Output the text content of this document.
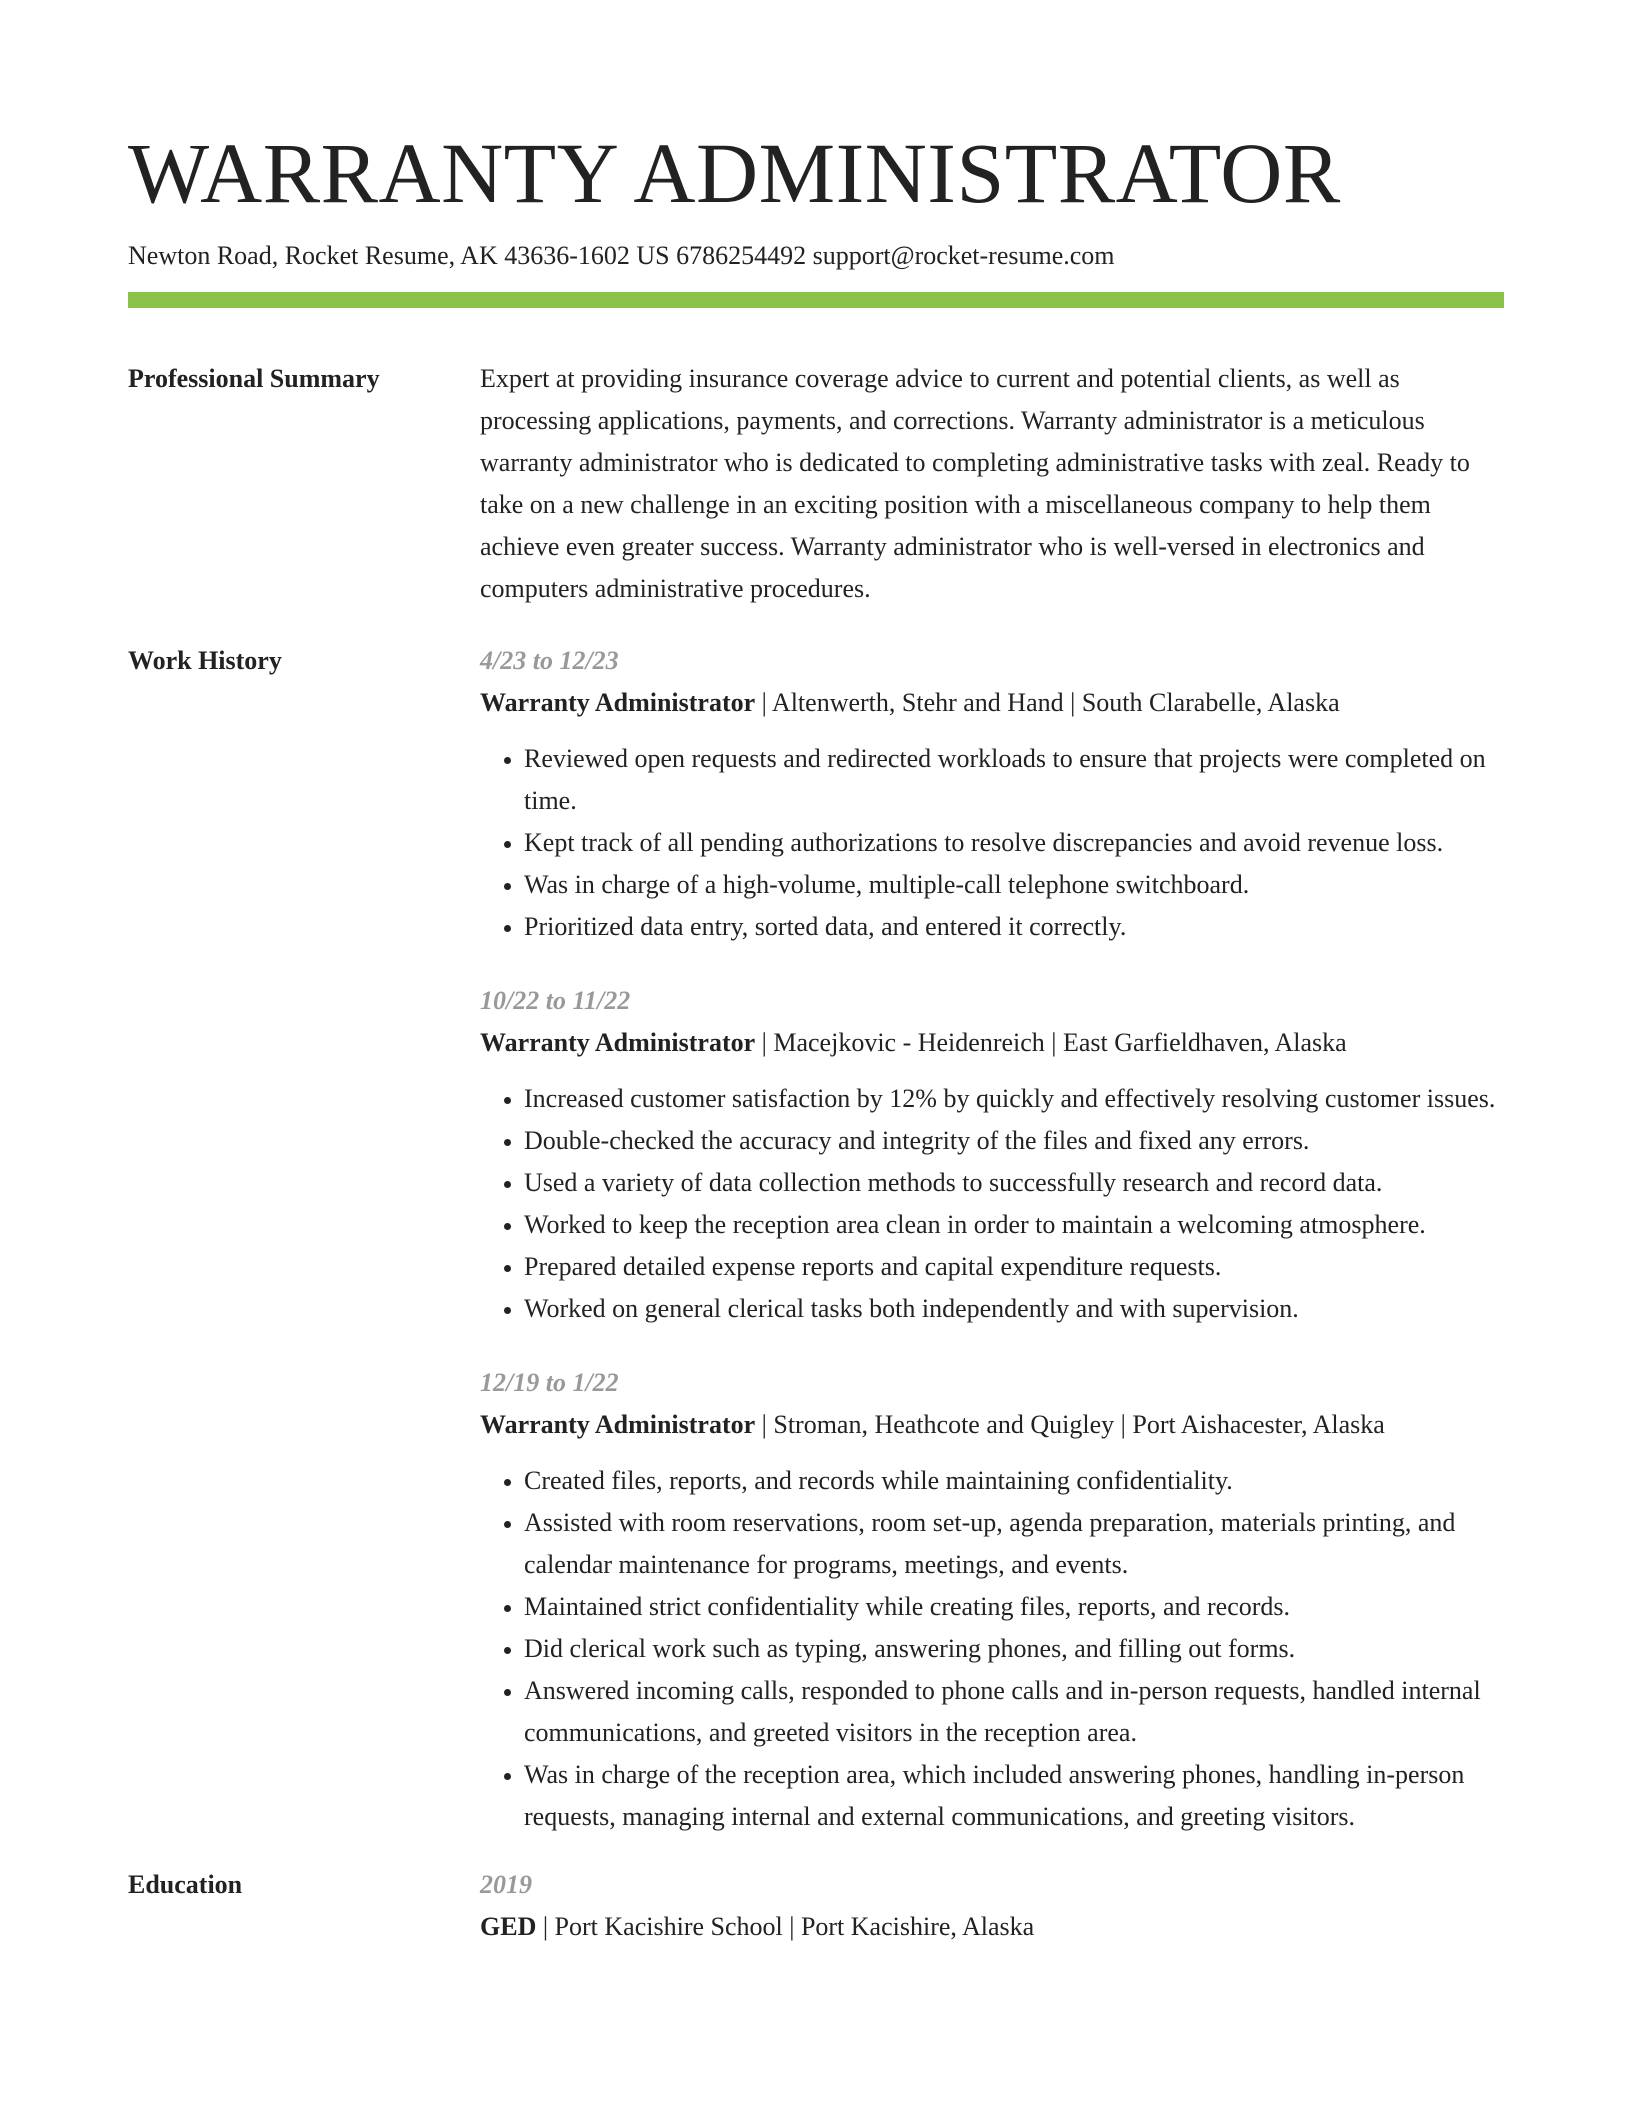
WARRANTY ADMINISTRATOR
Newton Road, Rocket Resume, AK 43636-1602 US 6786254492 support@rocket-resume.com
Professional Summary	Expert at providing insurance coverage advice to current and potential clients, as well as processing applications, payments, and corrections. Warranty administrator is a meticulous warranty administrator who is dedicated to completing administrative tasks with zeal. Ready to take on a new challenge in an exciting position with a miscellaneous company to help them achieve even greater success. Warranty administrator who is well-versed in electronics and computers administrative procedures.
Work History	4/23 to 12/23
Warranty Administrator | Altenwerth, Stehr and Hand | South Clarabelle, Alaska
• Reviewed open requests and redirected workloads to ensure that projects were completed on time.
• Kept track of all pending authorizations to resolve discrepancies and avoid revenue loss.
• Was in charge of a high-volume, multiple-call telephone switchboard.
• Prioritized data entry, sorted data, and entered it correctly.
10/22 to 11/22
Warranty Administrator | Macejkovic - Heidenreich | East Garfieldhaven, Alaska
• Increased customer satisfaction by 12% by quickly and effectively resolving customer issues.
• Double-checked the accuracy and integrity of the files and fixed any errors.
• Used a variety of data collection methods to successfully research and record data.
• Worked to keep the reception area clean in order to maintain a welcoming atmosphere.
• Prepared detailed expense reports and capital expenditure requests.
• Worked on general clerical tasks both independently and with supervision.
12/19 to 1/22
Warranty Administrator | Stroman, Heathcote and Quigley | Port Aishacester, Alaska
• Created files, reports, and records while maintaining confidentiality.
• Assisted with room reservations, room set-up, agenda preparation, materials printing, and calendar maintenance for programs, meetings, and events.
• Maintained strict confidentiality while creating files, reports, and records.
• Did clerical work such as typing, answering phones, and filling out forms.
• Answered incoming calls, responded to phone calls and in-person requests, handled internal communications, and greeted visitors in the reception area.
• Was in charge of the reception area, which included answering phones, handling in-person requests, managing internal and external communications, and greeting visitors.
Education	2019
GED | Port Kacishire School | Port Kacishire, Alaska
